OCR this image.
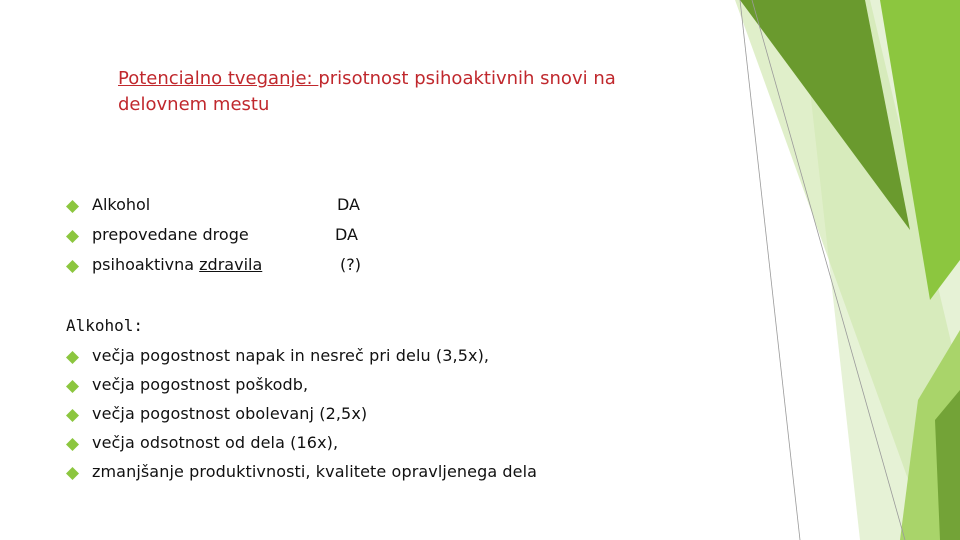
Potencialno tveganje: prisotnost psihoaktivnih snovi na
delovnem mestu
Alkohol	DA
prepovedane droge	DA
psihoaktivna zdravila	(?)
Alkohol:
večja pogostnost napak in nesreč pri delu (3,5x),
večja pogostnost poškodb,
večja pogostnost obolevanj (2,5x)
večja odsotnost od dela (16x),
zmanjšanje produktivnosti, kvalitete opravljenega dela
